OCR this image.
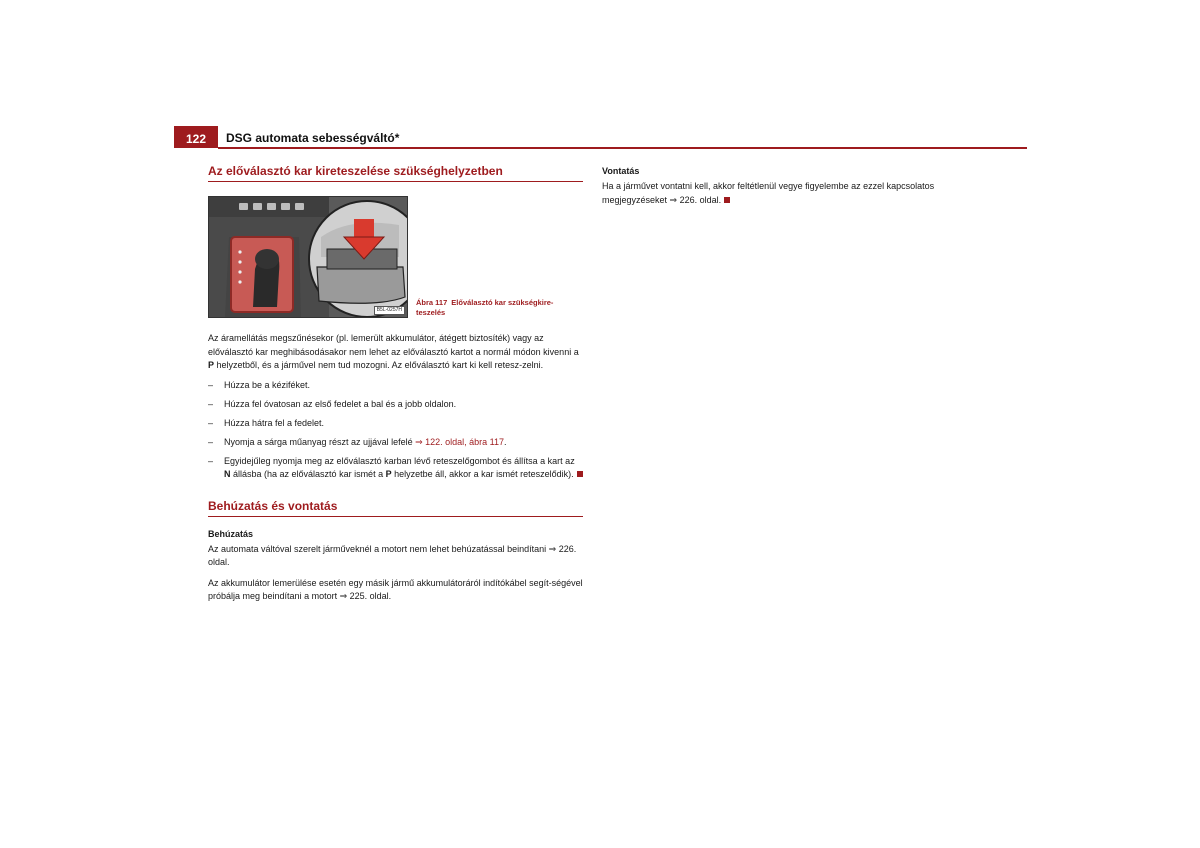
122	DSG automata sebességváltó*
Az előválasztó kar kireteszelése szükséghelyzetben
B5L-0257H
Ábra 117 Előválasztó kar szükségkire-teszelés

Az áramellátás megszűnésekor (pl. lemerült akkumulátor, átégett biztosíték) vagy az előválasztó kar meghibásodásakor nem lehet az előválasztó kartot a normál módon kivenni a P helyzetből, és a járművel nem tud mozogni. Az előválasztó kart ki kell retesz-zelni.

– Húzza be a kéziféket.
– Húzza fel óvatosan az első fedelet a bal és a jobb oldalon.
– Húzza hátra fel a fedelet.
– Nyomja a sárga műanyag részt az ujjával lefelé ⇒ 122. oldal, ábra 117.
– Egyidejűleg nyomja meg az előválasztó karban lévő reteszelőgombot és állítsa a kart az N állásba (ha az előválasztó kar ismét a P helyzetbe áll, akkor a kar ismét reteszelődik).
Behúzatás és vontatás
Behúzatás

Az automata váltóval szerelt járműveknél a motort nem lehet behúzatással beindítani ⇒ 226. oldal.

Az akkumulátor lemerülése esetén egy másik jármű akkumulátoráról indítókábel segít-ségével próbálja meg beindítani a motort ⇒ 225. oldal.

Vontatás

Ha a járművet vontatni kell, akkor feltétlenül vegye figyelembe az ezzel kapcsolatos megjegyzéseket ⇒ 226. oldal.
